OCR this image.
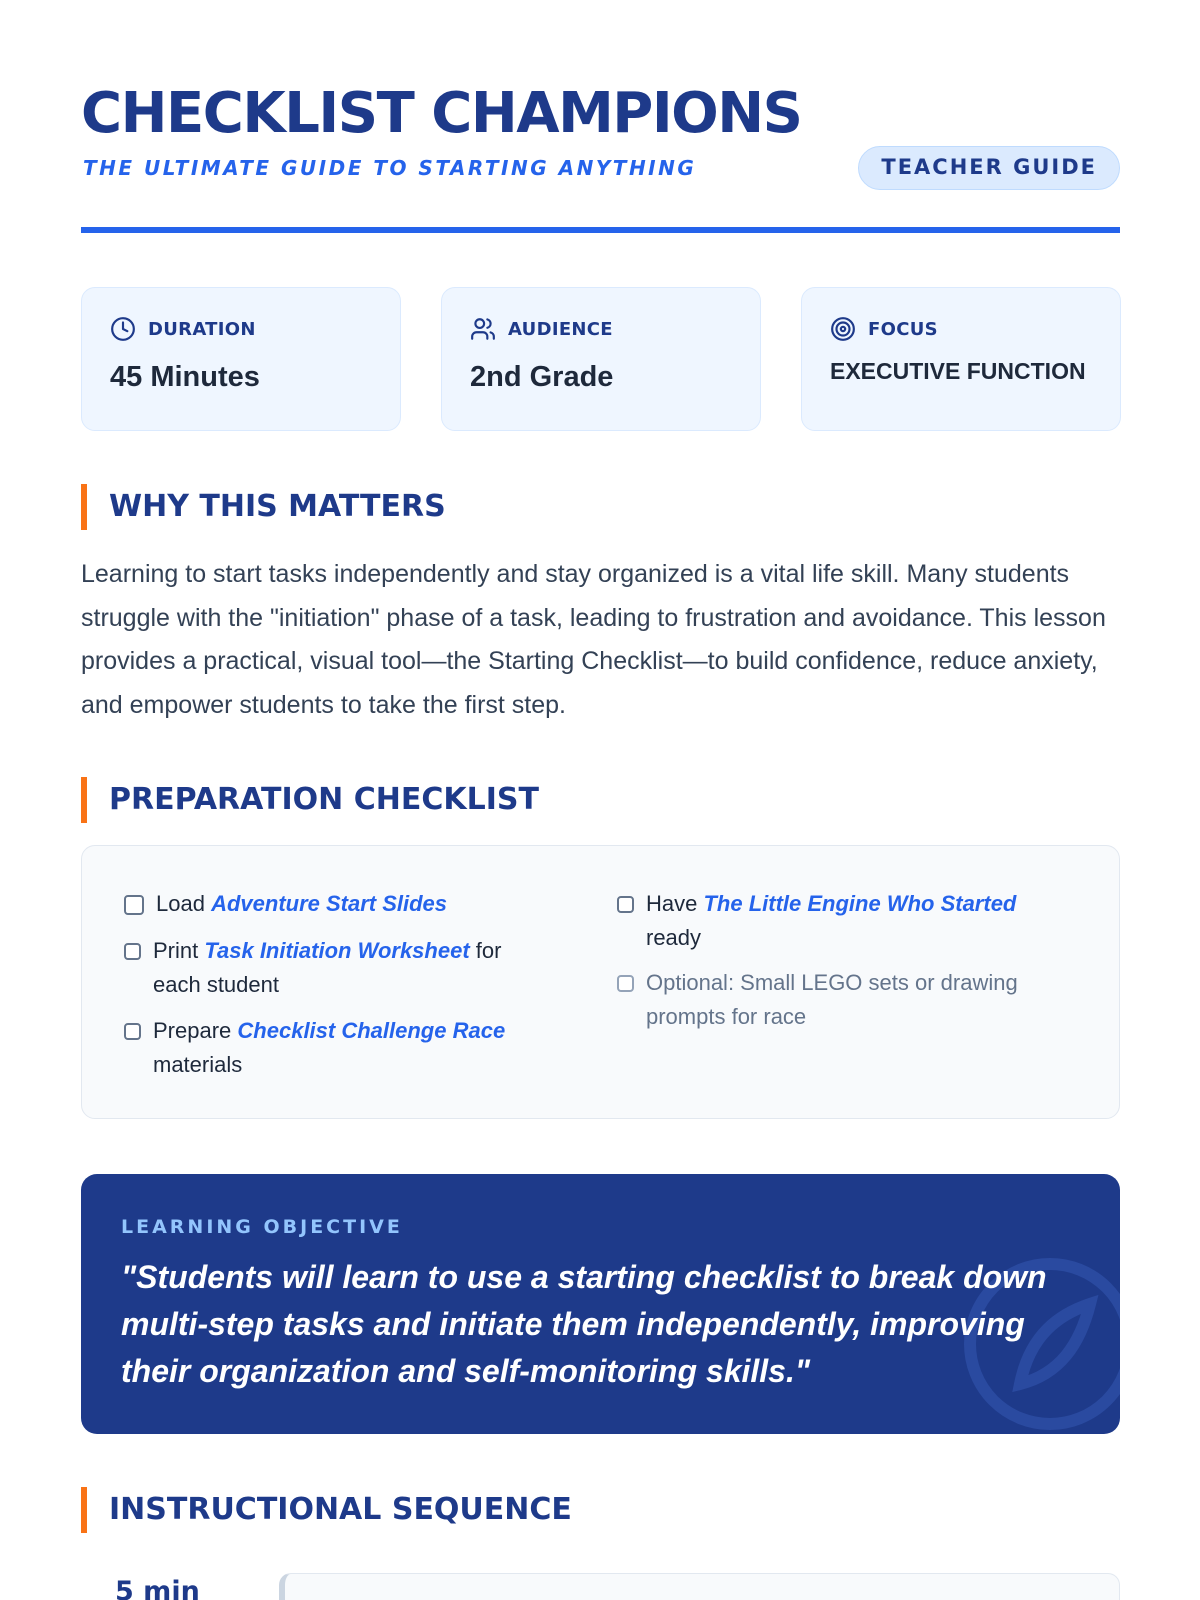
CHECKLIST CHAMPIONS
THE ULTIMATE GUIDE TO STARTING ANYTHING	TEACHER GUIDE
DURATION
45 Minutes
AUDIENCE
2nd Grade
FOCUS
EXECUTIVE FUNCTION
WHY THIS MATTERS

Learning to start tasks independently and stay organized is a vital life skill. Many students struggle with the "initiation" phase of a task, leading to frustration and avoidance. This lesson provides a practical, visual tool—the Starting Checklist—to build confidence, reduce anxiety, and empower students to take the first step.

PREPARATION CHECKLIST
Load Adventure Start Slides
Print Task Initiation Worksheet for each student
Prepare Checklist Challenge Race materials
Have The Little Engine Who Started ready
Optional: Small LEGO sets or drawing prompts for race
LEARNING OBJECTIVE
"Students will learn to use a starting checklist to break down multi-step tasks and initiate them independently, improving their organization and self-monitoring skills."
INSTRUCTIONAL SEQUENCE
5 min
